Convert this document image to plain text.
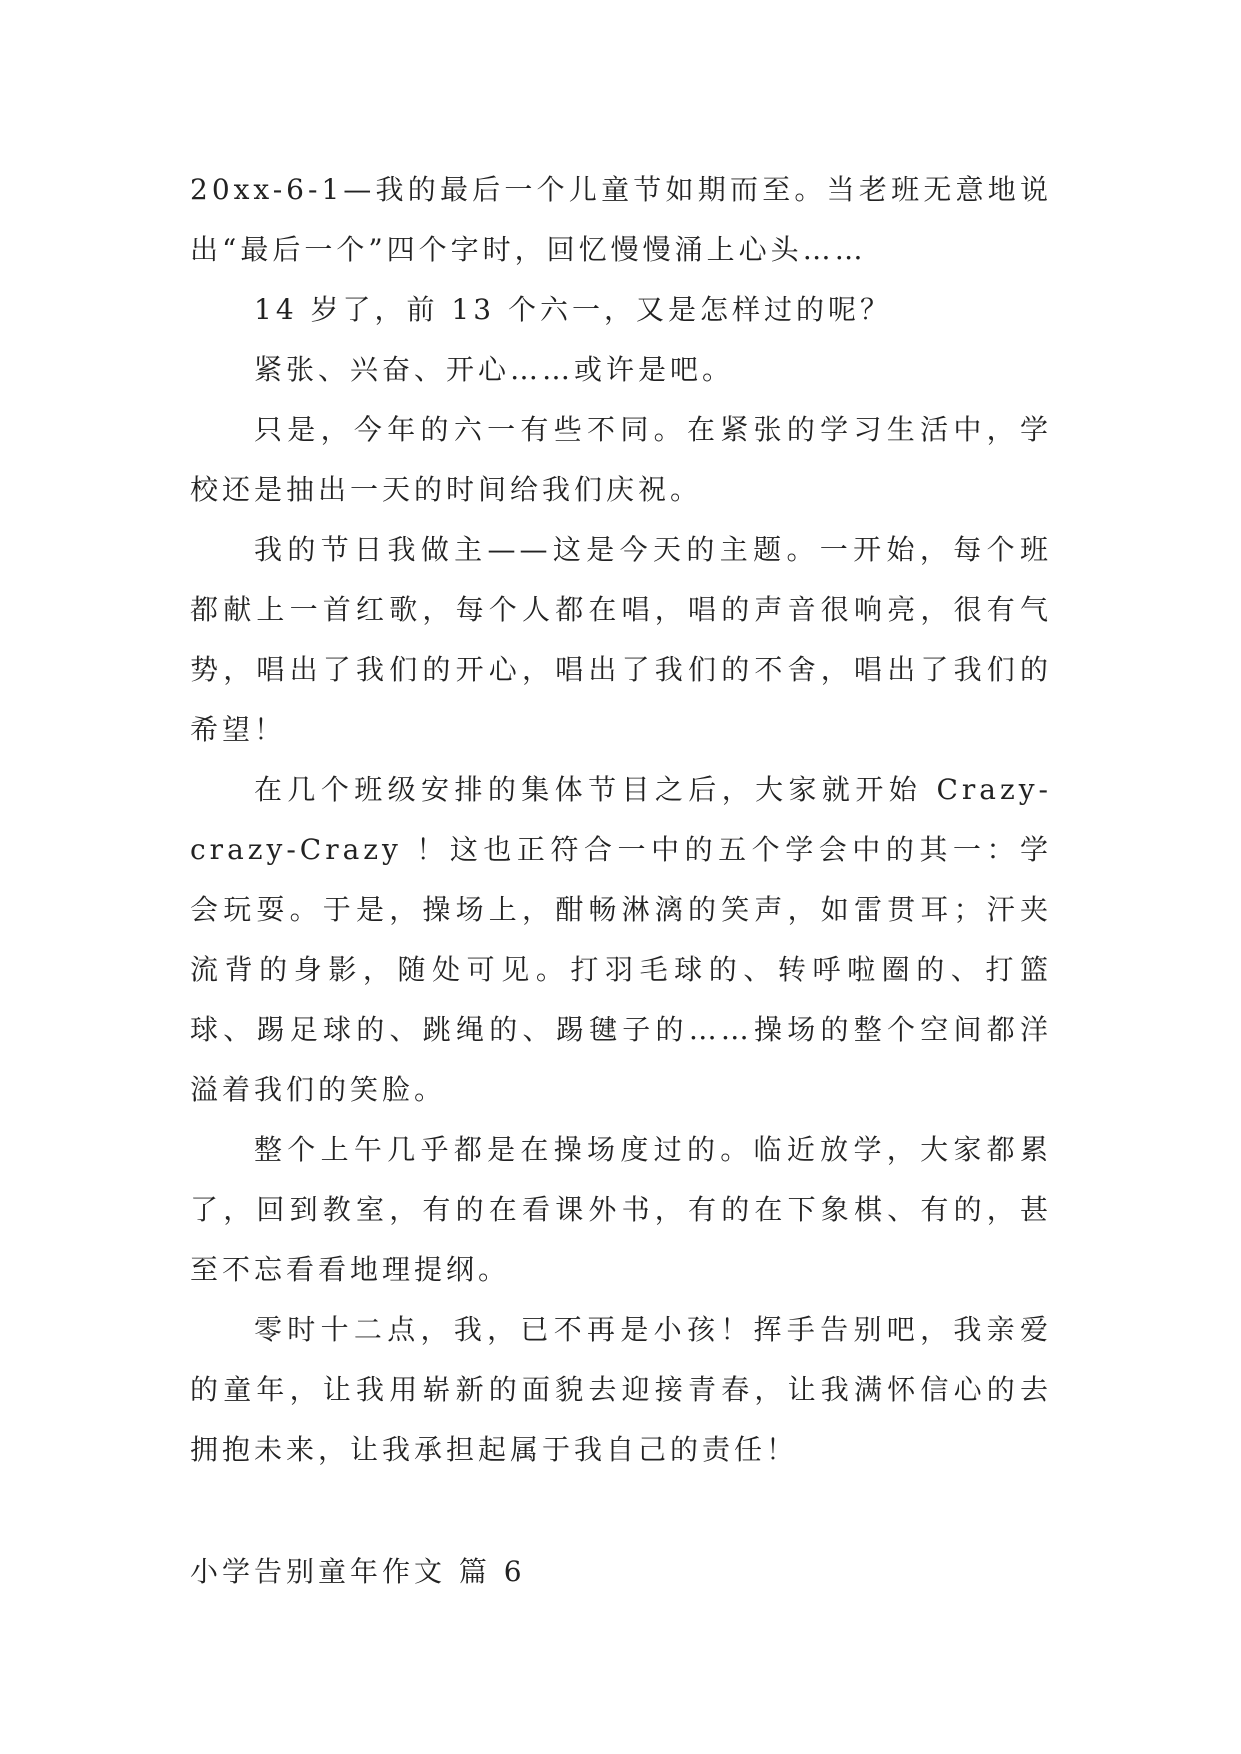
20xx-6-1—我的最后一个儿童节如期而至。当老班无意地说出“最后一个”四个字时，回忆慢慢涌上心头……

14 岁了，前 13 个六一，又是怎样过的呢？

紧张、兴奋、开心……或许是吧。

只是，今年的六一有些不同。在紧张的学习生活中，学校还是抽出一天的时间给我们庆祝。

我的节日我做主——这是今天的主题。一开始，每个班都献上一首红歌，每个人都在唱，唱的声音很响亮，很有气势，唱出了我们的开心，唱出了我们的不舍，唱出了我们的希望！

在几个班级安排的集体节目之后，大家就开始 Crazy-crazy-Crazy ！这也正符合一中的五个学会中的其一：学会玩耍。于是，操场上，酣畅淋漓的笑声，如雷贯耳；汗夹流背的身影，随处可见。打羽毛球的、转呼啦圈的、打篮球、踢足球的、跳绳的、踢毽子的……操场的整个空间都洋溢着我们的笑脸。

整个上午几乎都是在操场度过的。临近放学，大家都累了，回到教室，有的在看课外书，有的在下象棋、有的，甚至不忘看看地理提纲。

零时十二点，我，已不再是小孩！挥手告别吧，我亲爱的童年，让我用崭新的面貌去迎接青春，让我满怀信心的去拥抱未来，让我承担起属于我自己的责任！

小学告别童年作文 篇 6
